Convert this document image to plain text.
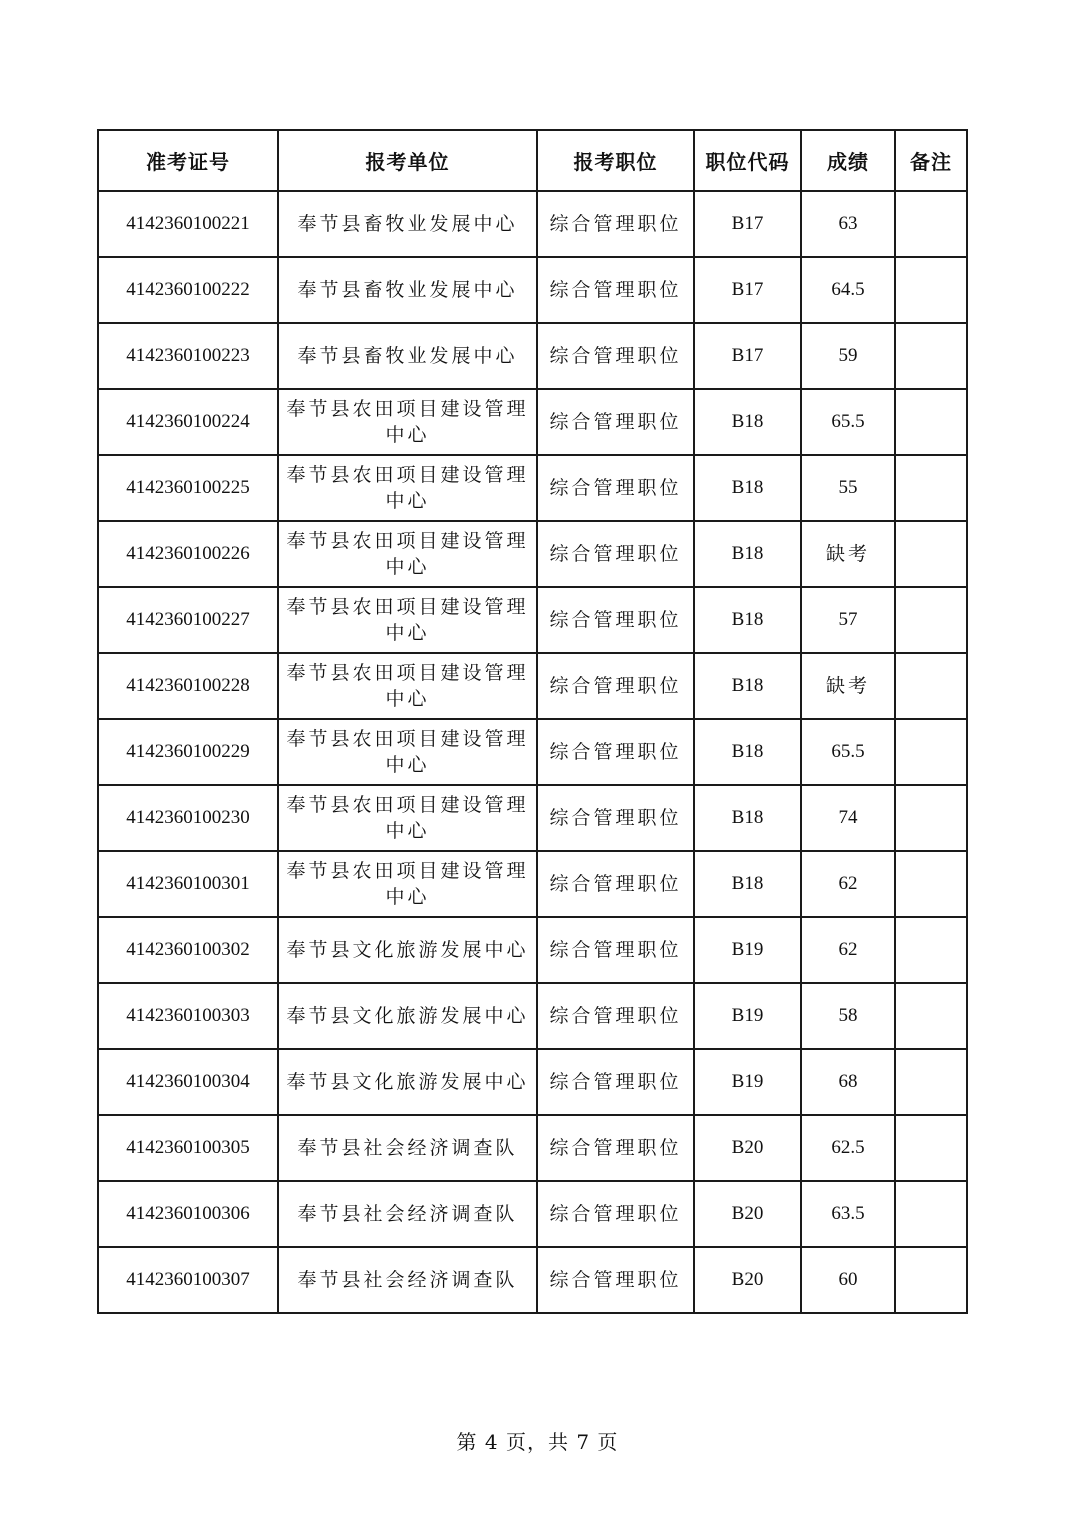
准考证号	报考单位	报考职位	职位代码	成绩	备注
4142360100221	奉节县畜牧业发展中心	综合管理职位	B17	63	
4142360100222	奉节县畜牧业发展中心	综合管理职位	B17	64.5	
4142360100223	奉节县畜牧业发展中心	综合管理职位	B17	59	
4142360100224	奉节县农田项目建设管理中心	综合管理职位	B18	65.5	
4142360100225	奉节县农田项目建设管理中心	综合管理职位	B18	55	
4142360100226	奉节县农田项目建设管理中心	综合管理职位	B18	缺考	
4142360100227	奉节县农田项目建设管理中心	综合管理职位	B18	57	
4142360100228	奉节县农田项目建设管理中心	综合管理职位	B18	缺考	
4142360100229	奉节县农田项目建设管理中心	综合管理职位	B18	65.5	
4142360100230	奉节县农田项目建设管理中心	综合管理职位	B18	74	
4142360100301	奉节县农田项目建设管理中心	综合管理职位	B18	62	
4142360100302	奉节县文化旅游发展中心	综合管理职位	B19	62	
4142360100303	奉节县文化旅游发展中心	综合管理职位	B19	58	
4142360100304	奉节县文化旅游发展中心	综合管理职位	B19	68	
4142360100305	奉节县社会经济调查队	综合管理职位	B20	62.5	
4142360100306	奉节县社会经济调查队	综合管理职位	B20	63.5	
4142360100307	奉节县社会经济调查队	综合管理职位	B20	60	
第 4 页，共 7 页
